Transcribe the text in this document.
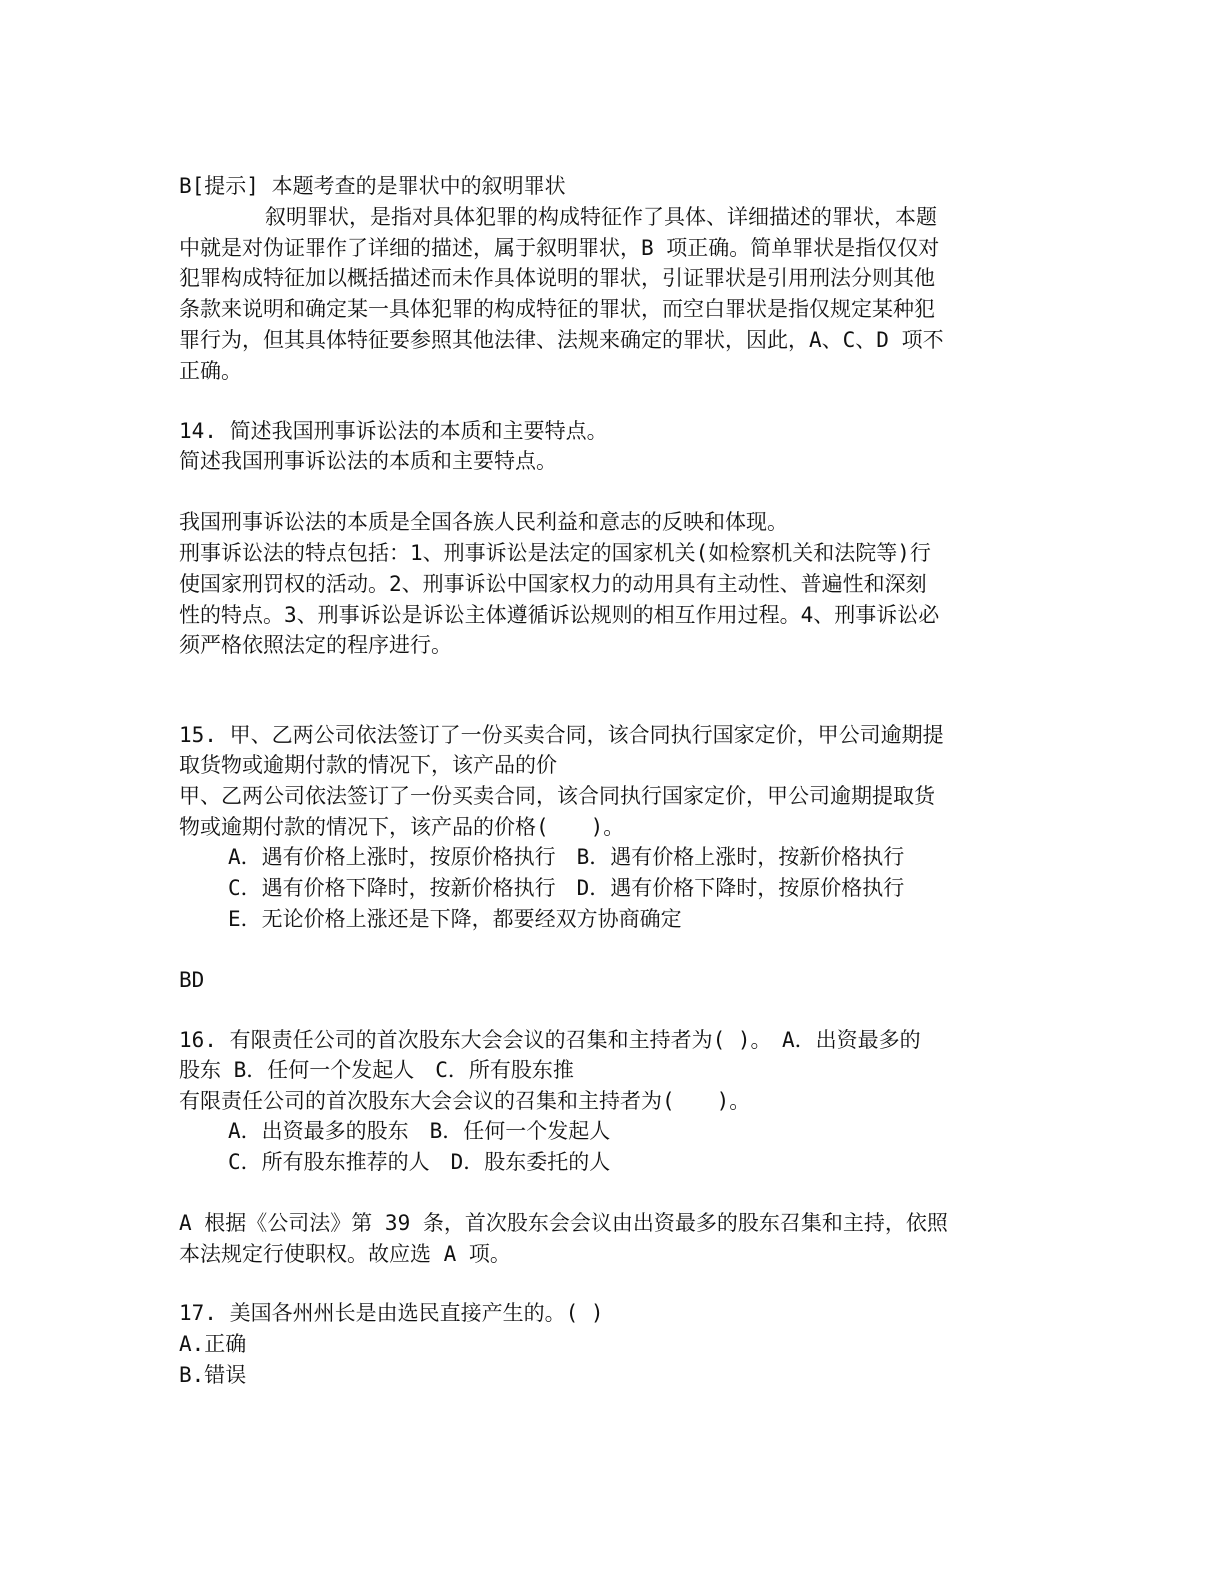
B[提示] 本题考查的是罪状中的叙明罪状
叙明罪状，是指对具体犯罪的构成特征作了具体、详细描述的罪状，本题
中就是对伪证罪作了详细的描述，属于叙明罪状，B 项正确。简单罪状是指仅仅对
犯罪构成特征加以概括描述而未作具体说明的罪状，引证罪状是引用刑法分则其他
条款来说明和确定某一具体犯罪的构成特征的罪状，而空白罪状是指仅规定某种犯
罪行为，但其具体特征要参照其他法律、法规来确定的罪状，因此，A、C、D 项不
正确。
14. 简述我国刑事诉讼法的本质和主要特点。
简述我国刑事诉讼法的本质和主要特点。
我国刑事诉讼法的本质是全国各族人民利益和意志的反映和体现。
刑事诉讼法的特点包括：1、刑事诉讼是法定的国家机关(如检察机关和法院等)行
使国家刑罚权的活动。2、刑事诉讼中国家权力的动用具有主动性、普遍性和深刻
性的特点。3、刑事诉讼是诉讼主体遵循诉讼规则的相互作用过程。4、刑事诉讼必
须严格依照法定的程序进行。
15. 甲、乙两公司依法签订了一份买卖合同，该合同执行国家定价，甲公司逾期提
取货物或逾期付款的情况下，该产品的价
甲、乙两公司依法签订了一份买卖合同，该合同执行国家定价，甲公司逾期提取货
物或逾期付款的情况下，该产品的价格(　　)。
A．遇有价格上涨时，按原价格执行　B．遇有价格上涨时，按新价格执行
C．遇有价格下降时，按新价格执行　D．遇有价格下降时，按原价格执行
E．无论价格上涨还是下降，都要经双方协商确定
BD
16. 有限责任公司的首次股东大会会议的召集和主持者为( )。　A．出资最多的
股东 B．任何一个发起人　C．所有股东推
有限责任公司的首次股东大会会议的召集和主持者为(　　)。
A．出资最多的股东　B．任何一个发起人
C．所有股东推荐的人　D．股东委托的人
A 根据《公司法》第 39 条，首次股东会会议由出资最多的股东召集和主持，依照
本法规定行使职权。故应选 A 项。
17. 美国各州州长是由选民直接产生的。( )
A.正确
B.错误
